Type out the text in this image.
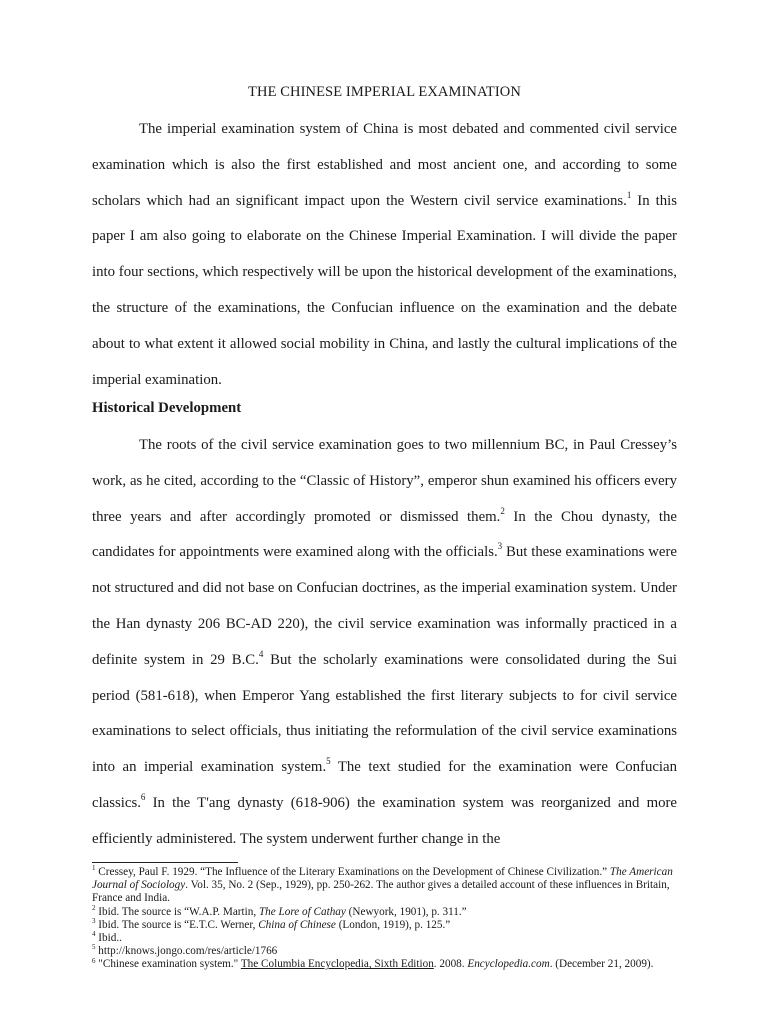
THE CHINESE IMPERIAL EXAMINATION

The imperial examination system of China is most debated and commented civil service examination which is also the first established and most ancient one, and according to some scholars which had an significant impact upon the Western civil service examinations.$^1$ In this paper I am also going to elaborate on the Chinese Imperial Examination. I will divide the paper into four sections, which respectively will be upon the historical development of the examinations, the structure of the examinations, the Confucian influence on the examination and the debate about to what extent it allowed social mobility in China, and lastly the cultural implications of the imperial examination.

Historical Development

The roots of the civil service examination goes to two millennium BC, in Paul Cressey’s work, as he cited, according to the “Classic of History”, emperor shun examined his officers every three years and after accordingly promoted or dismissed them.$^2$ In the Chou dynasty, the candidates for appointments were examined along with the officials.$^3$ But these examinations were not structured and did not base on Confucian doctrines, as the imperial examination system. Under the Han dynasty 206 BC-AD 220), the civil service examination was informally practiced in a definite system in 29 B.C.$^4$ But the scholarly examinations were consolidated during the Sui period (581-618), when Emperor Yang established the first literary subjects to for civil service examinations to select officials, thus initiating the reformulation of the civil service examinations into an imperial examination system.$^5$ The text studied for the examination were Confucian classics.$^6$ In the T'ang dynasty (618-906) the examination system was reorganized and more efficiently administered. The system underwent further change in the

$^1$ Cressey, Paul F. 1929. “The Influence of the Literary Examinations on the Development of Chinese Civilization.” The American Journal of Sociology. Vol. 35, No. 2 (Sep., 1929), pp. 250-262. The author gives a detailed account of these influences in Britain, France and India.

$^2$ Ibid. The source is “W.A.P. Martin, The Lore of Cathay (Newyork, 1901), p. 311.”

$^3$ Ibid. The source is “E.T.C. Werner, China of Chinese (London, 1919), p. 125.”

$^4$ Ibid..

$^5$ http://knows.jongo.com/res/article/1766

$^6$ "Chinese examination system." The Columbia Encyclopedia, Sixth Edition. 2008. Encyclopedia.com. (December 21, 2009).
